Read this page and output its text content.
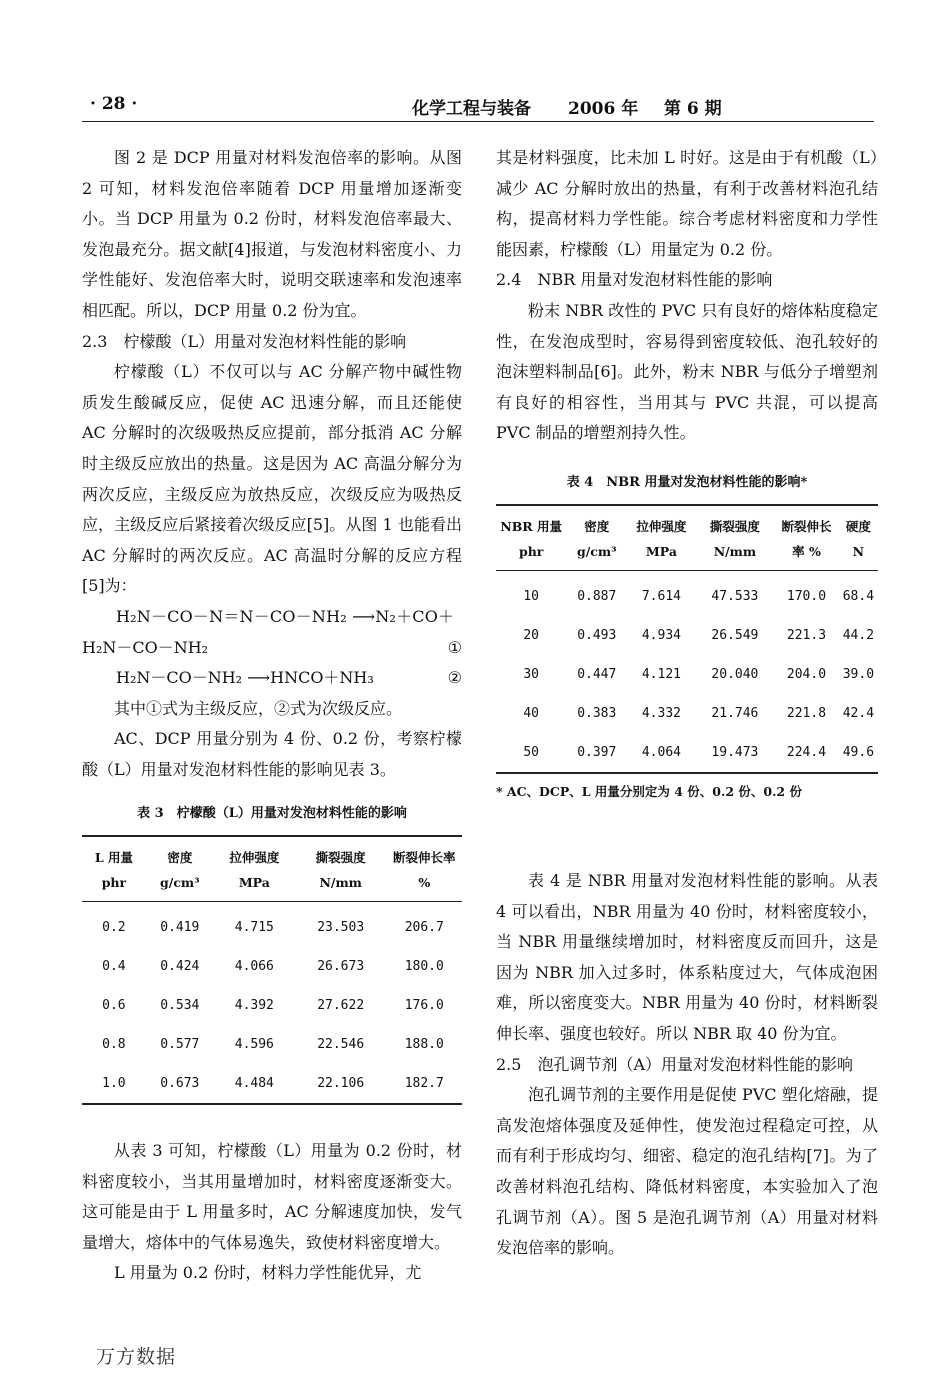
· 28 ·	化学工程与装备 2006 年 第 6 期

图 2 是 DCP 用量对材料发泡倍率的影响。从图 2 可知，材料发泡倍率随着 DCP 用量增加逐渐变小。当 DCP 用量为 0.2 份时，材料发泡倍率最大、发泡最充分。据文献[4]报道，与发泡材料密度小、力学性能好、发泡倍率大时，说明交联速率和发泡速率相匹配。所以，DCP 用量 0.2 份为宜。

2.3　柠檬酸（L）用量对发泡材料性能的影响

柠檬酸（L）不仅可以与 AC 分解产物中碱性物质发生酸碱反应，促使 AC 迅速分解，而且还能使 AC 分解时的次级吸热反应提前，部分抵消 AC 分解时主级反应放出的热量。这是因为 AC 高温分解分为两次反应，主级反应为放热反应，次级反应为吸热反应，主级反应后紧接着次级反应[5]。从图 1 也能看出 AC 分解时的两次反应。AC 高温时分解的反应方程[5]为：

H₂N－CO－N＝N－CO－NH₂ ⟶N₂＋CO＋

H₂N－CO－NH₂	①
H₂N－CO－NH₂ ⟶HNCO＋NH₃	②

其中①式为主级反应，②式为次级反应。

AC、DCP 用量分别为 4 份、0.2 份，考察柠檬酸（L）用量对发泡材料性能的影响见表 3。

表 3　柠檬酸（L）用量对发泡材料性能的影响

L 用量 phr	密度 g/cm³	拉伸强度 MPa	撕裂强度 N/mm	断裂伸长率 %
0.2	0.419	4.715	23.503	206.7
0.4	0.424	4.066	26.673	180.0
0.6	0.534	4.392	27.622	176.0
0.8	0.577	4.596	22.546	188.0
1.0	0.673	4.484	22.106	182.7

从表 3 可知，柠檬酸（L）用量为 0.2 份时，材料密度较小，当其用量增加时，材料密度逐渐变大。这可能是由于 L 用量多时，AC 分解速度加快，发气量增大，熔体中的气体易逸失，致使材料密度增大。

L 用量为 0.2 份时，材料力学性能优异，尤

其是材料强度，比未加 L 时好。这是由于有机酸（L）减少 AC 分解时放出的热量，有利于改善材料泡孔结构，提高材料力学性能。综合考虑材料密度和力学性能因素，柠檬酸（L）用量定为 0.2 份。

2.4　NBR 用量对发泡材料性能的影响

粉末 NBR 改性的 PVC 只有良好的熔体粘度稳定性，在发泡成型时，容易得到密度较低、泡孔较好的泡沫塑料制品[6]。此外，粉末 NBR 与低分子增塑剂有良好的相容性，当用其与 PVC 共混，可以提高 PVC 制品的增塑剂持久性。

表 4　NBR 用量对发泡材料性能的影响*

NBR 用量 phr	密度 g/cm³	拉伸强度 MPa	撕裂强度 N/mm	断裂伸长率 %	硬度 N
10	0.887	7.614	47.533	170.0	68.4
20	0.493	4.934	26.549	221.3	44.2
30	0.447	4.121	20.040	204.0	39.0
40	0.383	4.332	21.746	221.8	42.4
50	0.397	4.064	19.473	224.4	49.6

* AC、DCP、L 用量分别定为 4 份、0.2 份、0.2 份

表 4 是 NBR 用量对发泡材料性能的影响。从表 4 可以看出，NBR 用量为 40 份时，材料密度较小，当 NBR 用量继续增加时，材料密度反而回升，这是因为 NBR 加入过多时，体系粘度过大，气体成泡困难，所以密度变大。NBR 用量为 40 份时，材料断裂伸长率、强度也较好。所以 NBR 取 40 份为宜。

2.5　泡孔调节剂（A）用量对发泡材料性能的影响

泡孔调节剂的主要作用是促使 PVC 塑化熔融，提高发泡熔体强度及延伸性，使发泡过程稳定可控，从而有利于形成均匀、细密、稳定的泡孔结构[7]。为了改善材料泡孔结构、降低材料密度，本实验加入了泡孔调节剂（A）。图 5 是泡孔调节剂（A）用量对材料发泡倍率的影响。

万方数据
